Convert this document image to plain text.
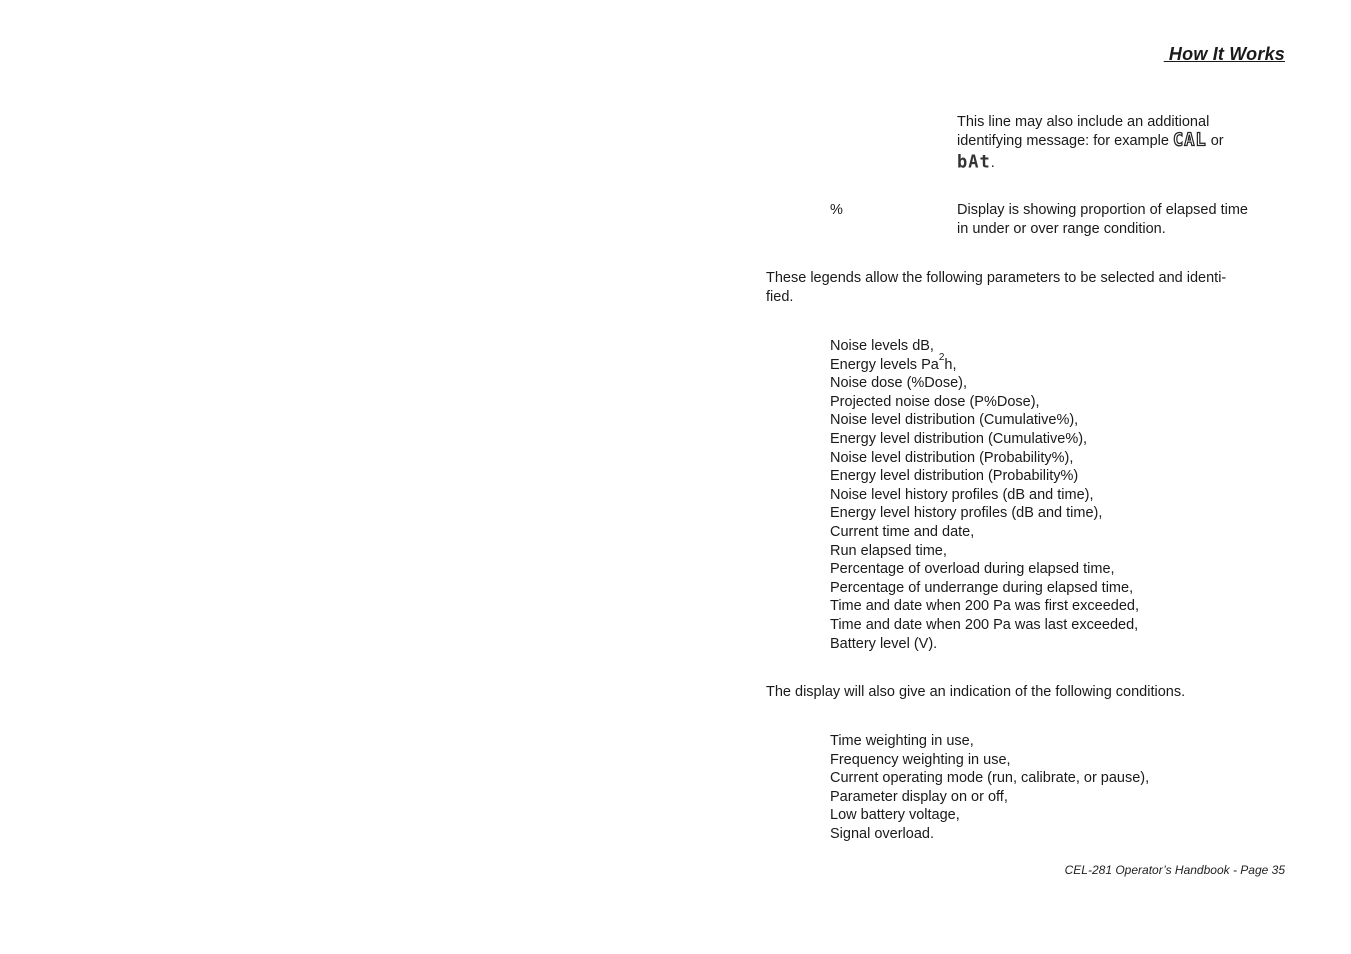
How It Works
This line may also include an additional
identifying message: for example CAL or
bAt.
%	Display is showing proportion of elapsed time
in under or over range condition.
These legends allow the following parameters to be selected and identi-
fied.
Noise levels dB,
Energy levels Pa$^2$h,
Noise dose (%Dose),
Projected noise dose (P%Dose),
Noise level distribution (Cumulative%),
Energy level distribution (Cumulative%),
Noise level distribution (Probability%),
Energy level distribution (Probability%)
Noise level history profiles (dB and time),
Energy level history profiles (dB and time),
Current time and date,
Run elapsed time,
Percentage of overload during elapsed time,
Percentage of underrange during elapsed time,
Time and date when 200 Pa was first exceeded,
Time and date when 200 Pa was last exceeded,
Battery level (V).
The display will also give an indication of the following conditions.
Time weighting in use,
Frequency weighting in use,
Current operating mode (run, calibrate, or pause),
Parameter display on or off,
Low battery voltage,
Signal overload.
CEL-281 Operator’s Handbook - Page 35
